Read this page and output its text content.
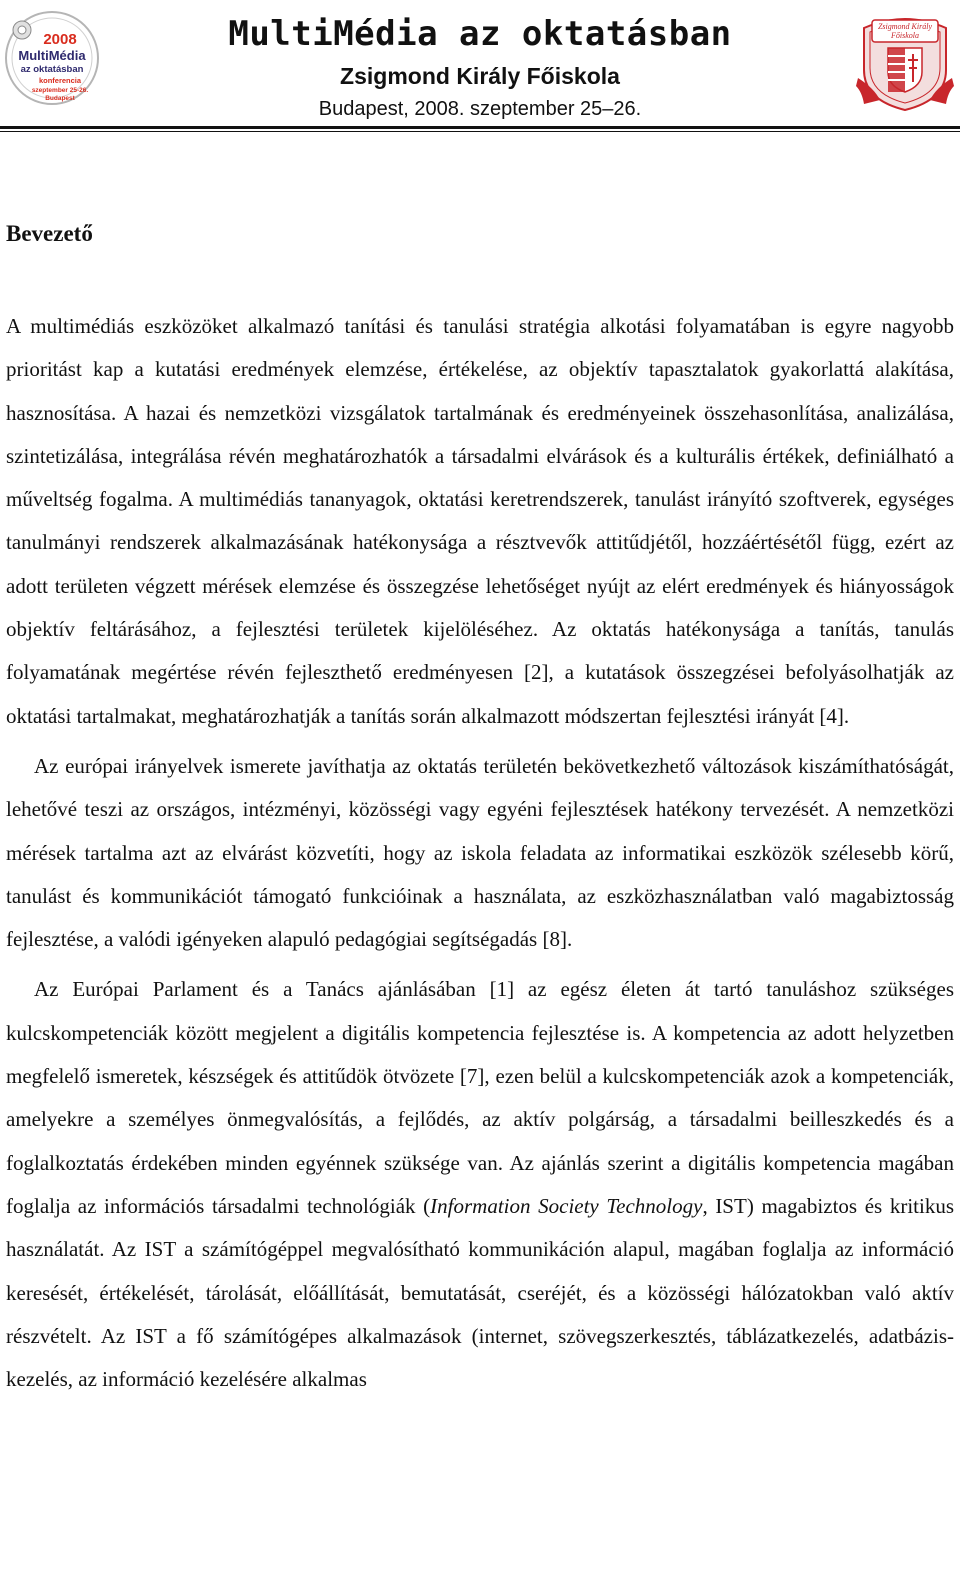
2008
MultiMédia
az oktatásban
konferencia
szeptember 25-26.
Budapest
MultiMédia az oktatásban
Zsigmond Király Főiskola
Budapest, 2008. szeptember 25–26.
Zsigmond Király
Főiskola
Bevezető

A multimédiás eszközöket alkalmazó tanítási és tanulási stratégia alkotási folyamatában is egyre nagyobb prioritást kap a kutatási eredmények elemzése, értékelése, az objektív tapasztalatok gyakorlattá alakítása, hasznosítása. A hazai és nemzetközi vizsgálatok tartalmának és eredményeinek összehasonlítása, analizálása, szintetizálása, integrálása révén meghatározhatók a társadalmi elvárások és a kulturális értékek, definiálható a műveltség fogalma. A multimédiás tananyagok, oktatási keretrendszerek, tanulást irányító szoftverek, egységes tanulmányi rendszerek alkalmazásának hatékonysága a résztvevők attitűdjétől, hozzáértésétől függ, ezért az adott területen végzett mérések elemzése és összegzése lehetőséget nyújt az elért eredmények és hiányosságok objektív feltárásához, a fejlesztési területek kijelöléséhez. Az oktatás hatékonysága a tanítás, tanulás folyamatának megértése révén fejleszthető eredményesen [2], a kutatások összegzései befolyásolhatják az oktatási tartalmakat, meghatározhatják a tanítás során alkalmazott módszertan fejlesztési irányát [4].

Az európai irányelvek ismerete javíthatja az oktatás területén bekövetkezhető változások kiszámíthatóságát, lehetővé teszi az országos, intézményi, közösségi vagy egyéni fejlesztések hatékony tervezését. A nemzetközi mérések tartalma azt az elvárást közvetíti, hogy az iskola feladata az informatikai eszközök szélesebb körű, tanulást és kommunikációt támogató funkcióinak a használata, az eszközhasználatban való magabiztosság fejlesztése, a valódi igényeken alapuló pedagógiai segítségadás [8].

Az Európai Parlament és a Tanács ajánlásában [1] az egész életen át tartó tanuláshoz szükséges kulcskompetenciák között megjelent a digitális kompetencia fejlesztése is. A kompetencia az adott helyzetben megfelelő ismeretek, készségek és attitűdök ötvözete [7], ezen belül a kulcskompetenciák azok a kompetenciák, amelyekre a személyes önmegvalósítás, a fejlődés, az aktív polgárság, a társadalmi beilleszkedés és a foglalkoztatás érdekében minden egyénnek szüksége van. Az ajánlás szerint a digitális kompetencia magában foglalja az információs társadalmi technológiák (Information Society Technology, IST) magabiztos és kritikus használatát. Az IST a számítógéppel megvalósítható kommunikáción alapul, magában foglalja az információ keresését, értékelését, tárolását, előállítását, bemutatását, cseréjét, és a közösségi hálózatokban való aktív részvételt. Az IST a fő számítógépes alkalmazások (internet, szövegszerkesztés, táblázatkezelés, adatbázis-kezelés, az információ kezelésére alkalmas
